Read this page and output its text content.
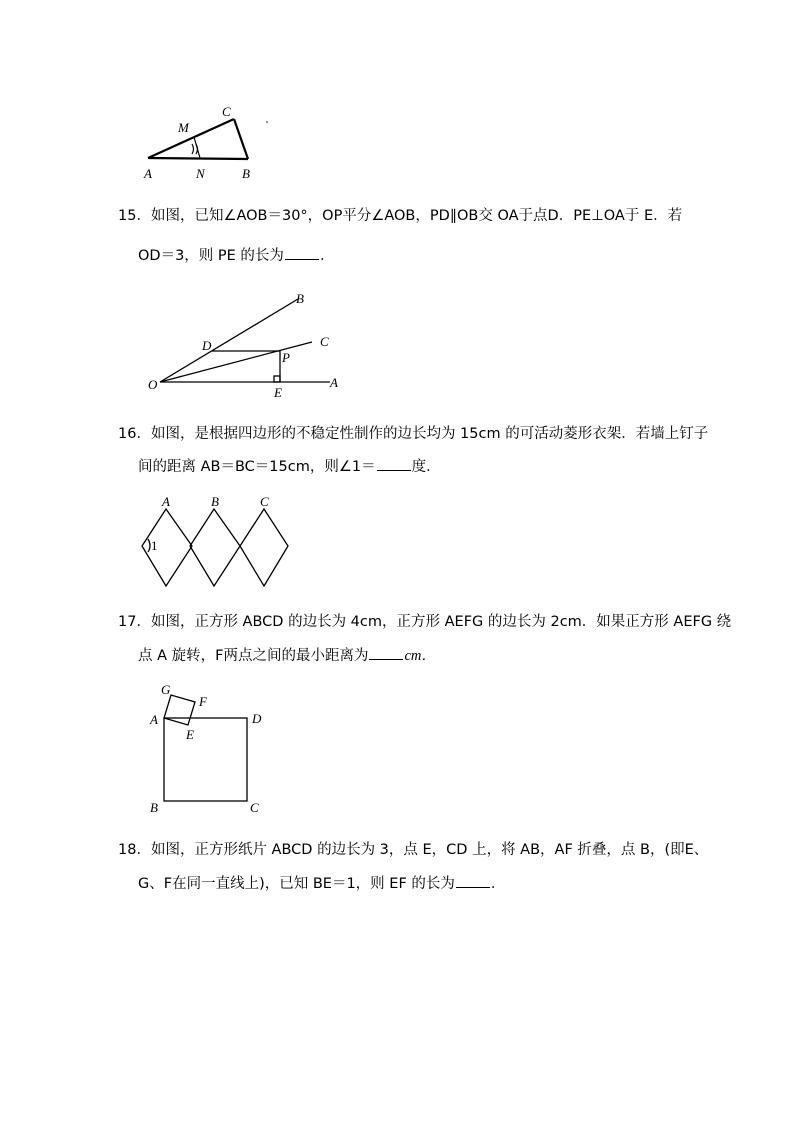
M
C
A	N	B
15．如图，已知∠AOB＝30°，OP平分∠AOB，PD∥OB交 OA于点D．PE⊥OA于 E．若
OD＝3，则 PE 的长为 ．
B
C
D
P
O
E
A
16．如图，是根据四边形的不稳定性制作的边长均为 15cm 的可活动菱形衣架．若墙上钉子
间的距离 AB＝BC＝15cm，则∠1＝ 度．
A	B	C
1
17．如图，正方形 ABCD 的边长为 4cm，正方形 AEFG 的边长为 2cm．如果正方形 AEFG 绕
点 A 旋转，F两点之间的最小距离为 cm．
G
F
A	D
E
B	C
18．如图，正方形纸片 ABCD 的边长为 3，点 E，CD 上，将 AB，AF 折叠，点 B，(即E、
G、F在同一直线上)，已知 BE＝1，则 EF 的长为 ．
